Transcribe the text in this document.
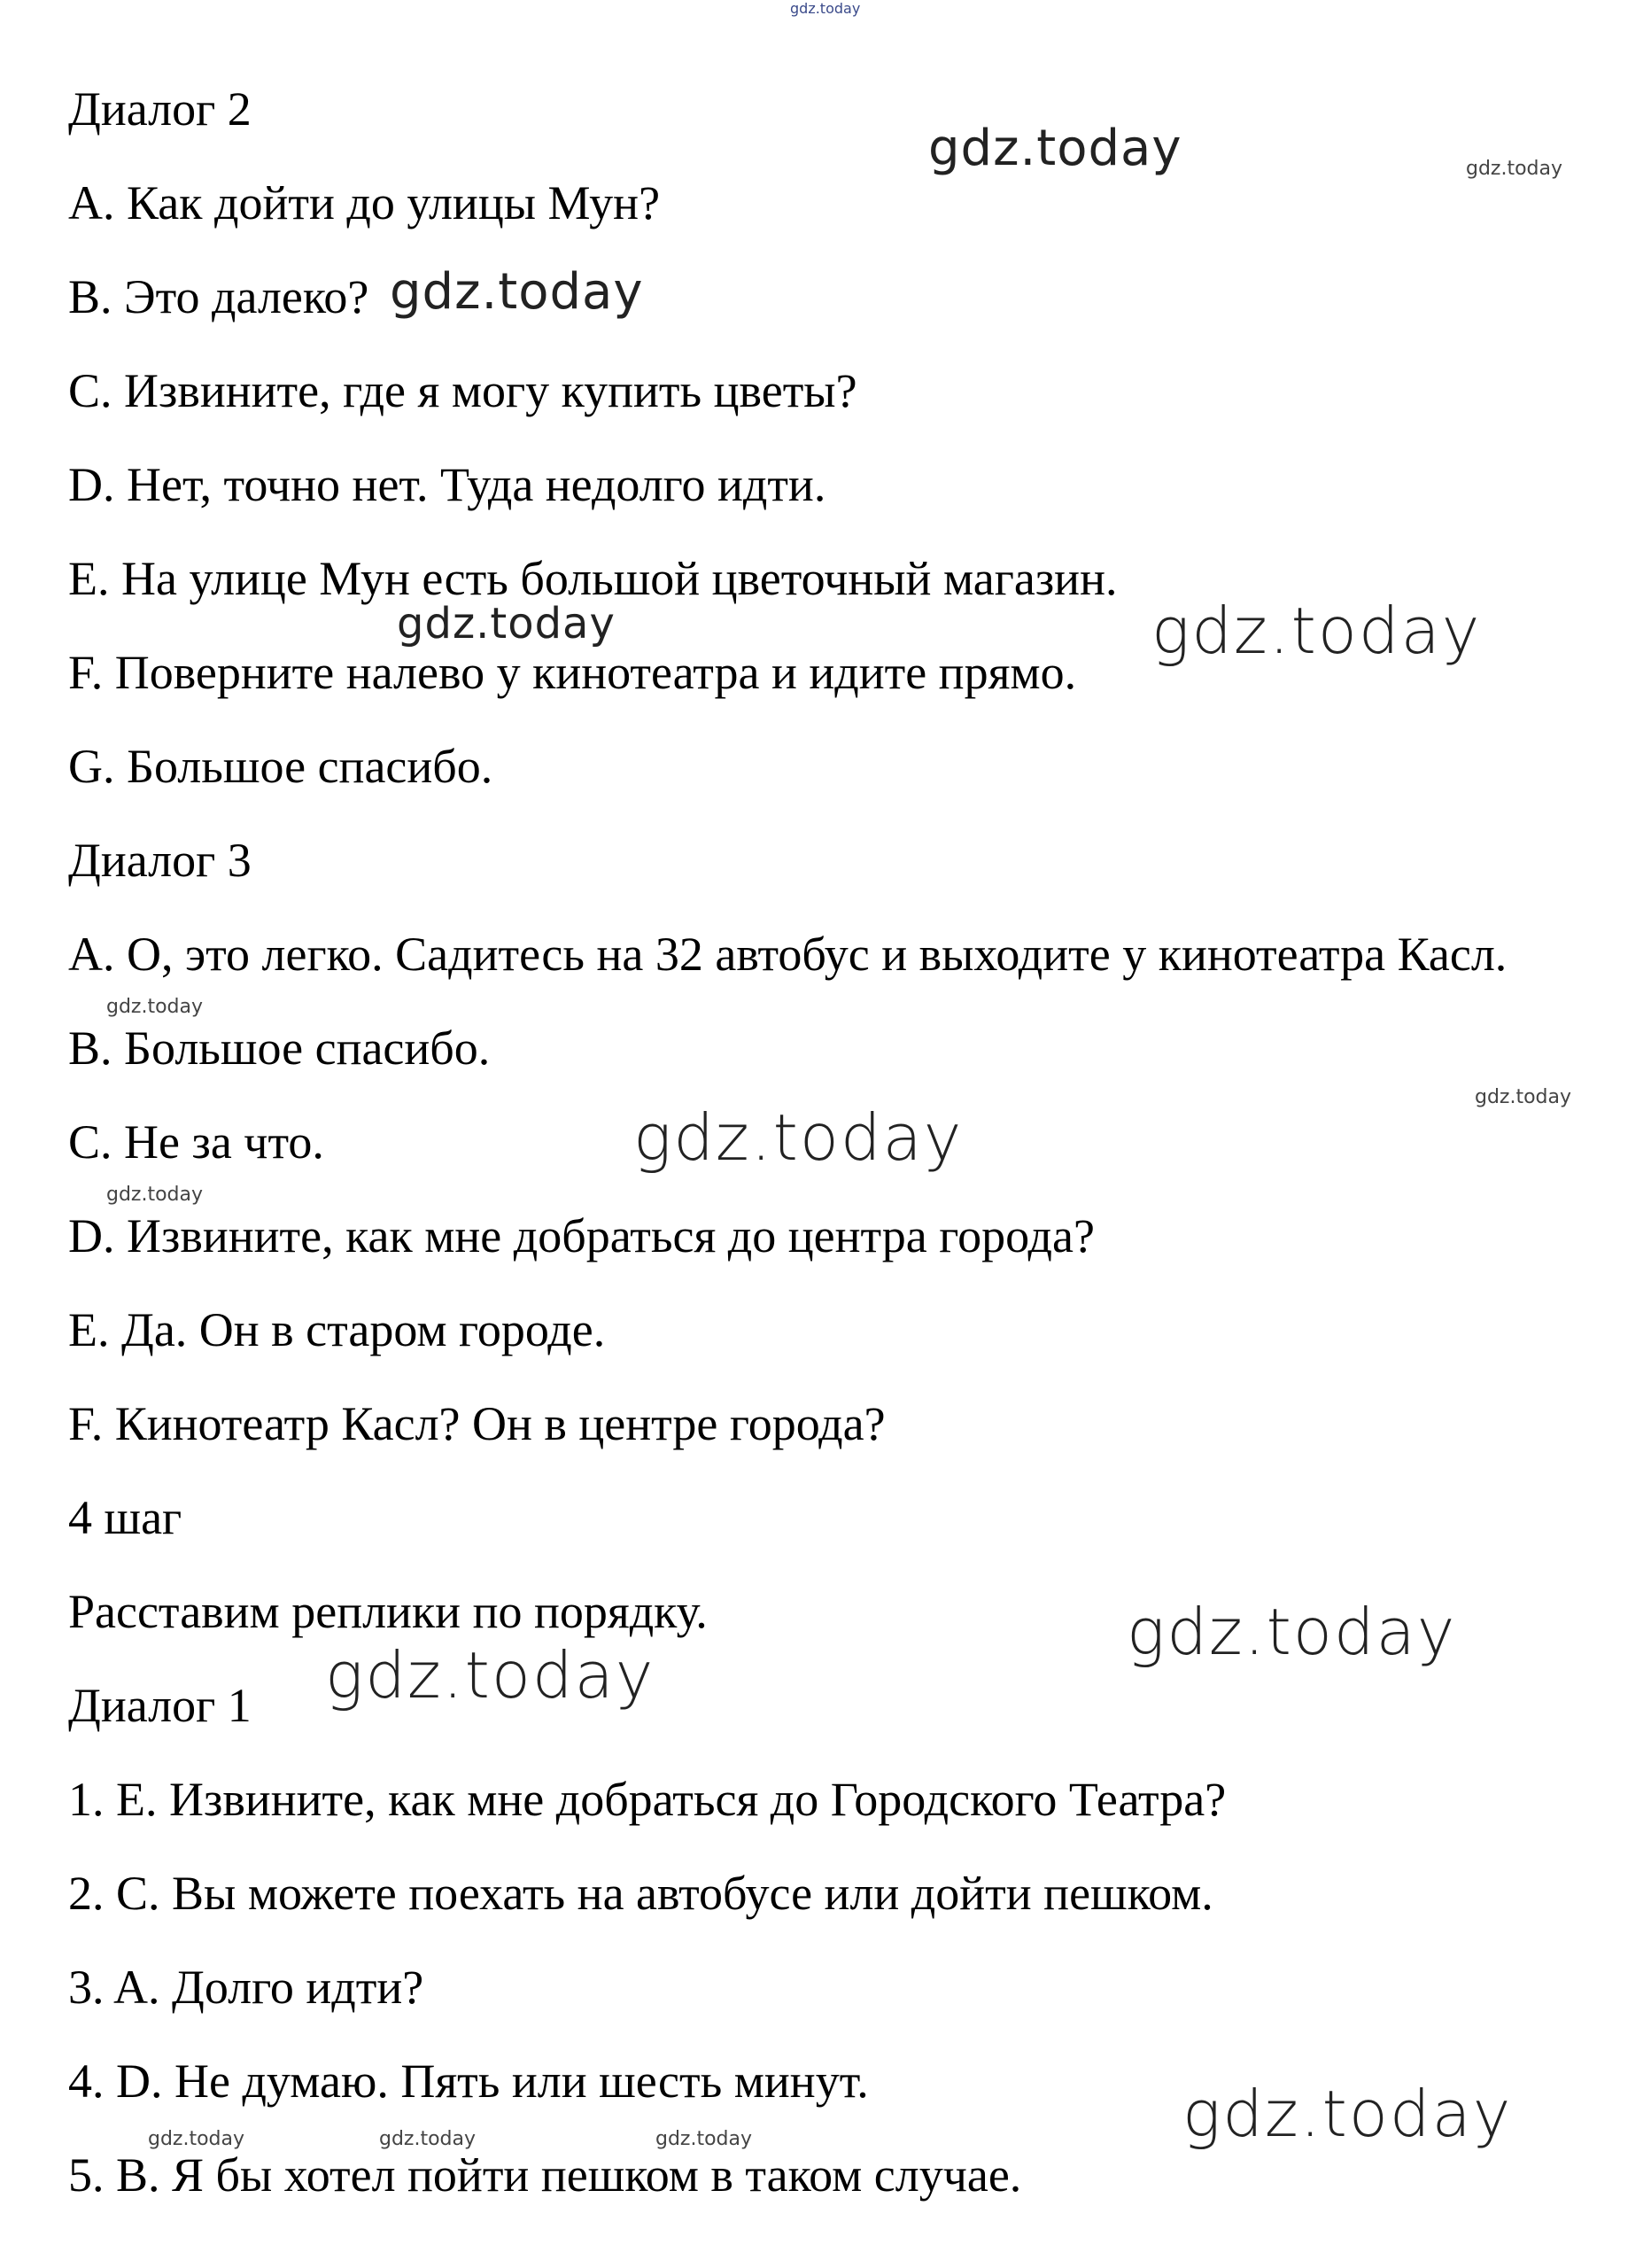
Диалог 2
A. Как дойти до улицы Мун?
B. Это далеко?
C. Извините, где я могу купить цветы?
D. Нет, точно нет. Туда недолго идти.
E. На улице Мун есть большой цветочный магазин.
F. Поверните налево у кинотеатра и идите прямо.
G. Большое спасибо.
Диалог 3
A. О, это легко. Садитесь на 32 автобус и выходите у кинотеатра Касл.
B. Большое спасибо.
C. Не за что.
D. Извините, как мне добраться до центра города?
E. Да. Он в старом городе.
F. Кинотеатр Касл? Он в центре города?
4 шаг
Расставим реплики по порядку.
Диалог 1
1. E. Извините, как мне добраться до Городского Театра?
2. C. Вы можете поехать на автобусе или дойти пешком.
3. A. Долго идти?
4. D. Не думаю. Пять или шесть минут.
5. B. Я бы хотел пойти пешком в таком случае.
gdz.today
gdz.today	gdz.today
gdz.today
gdz.today	gdz.today
gdz.today
gdz.today
gdz.today
gdz.today
gdz.today
gdz.today
gdz.today	gdz.today	gdz.today	gdz.today
